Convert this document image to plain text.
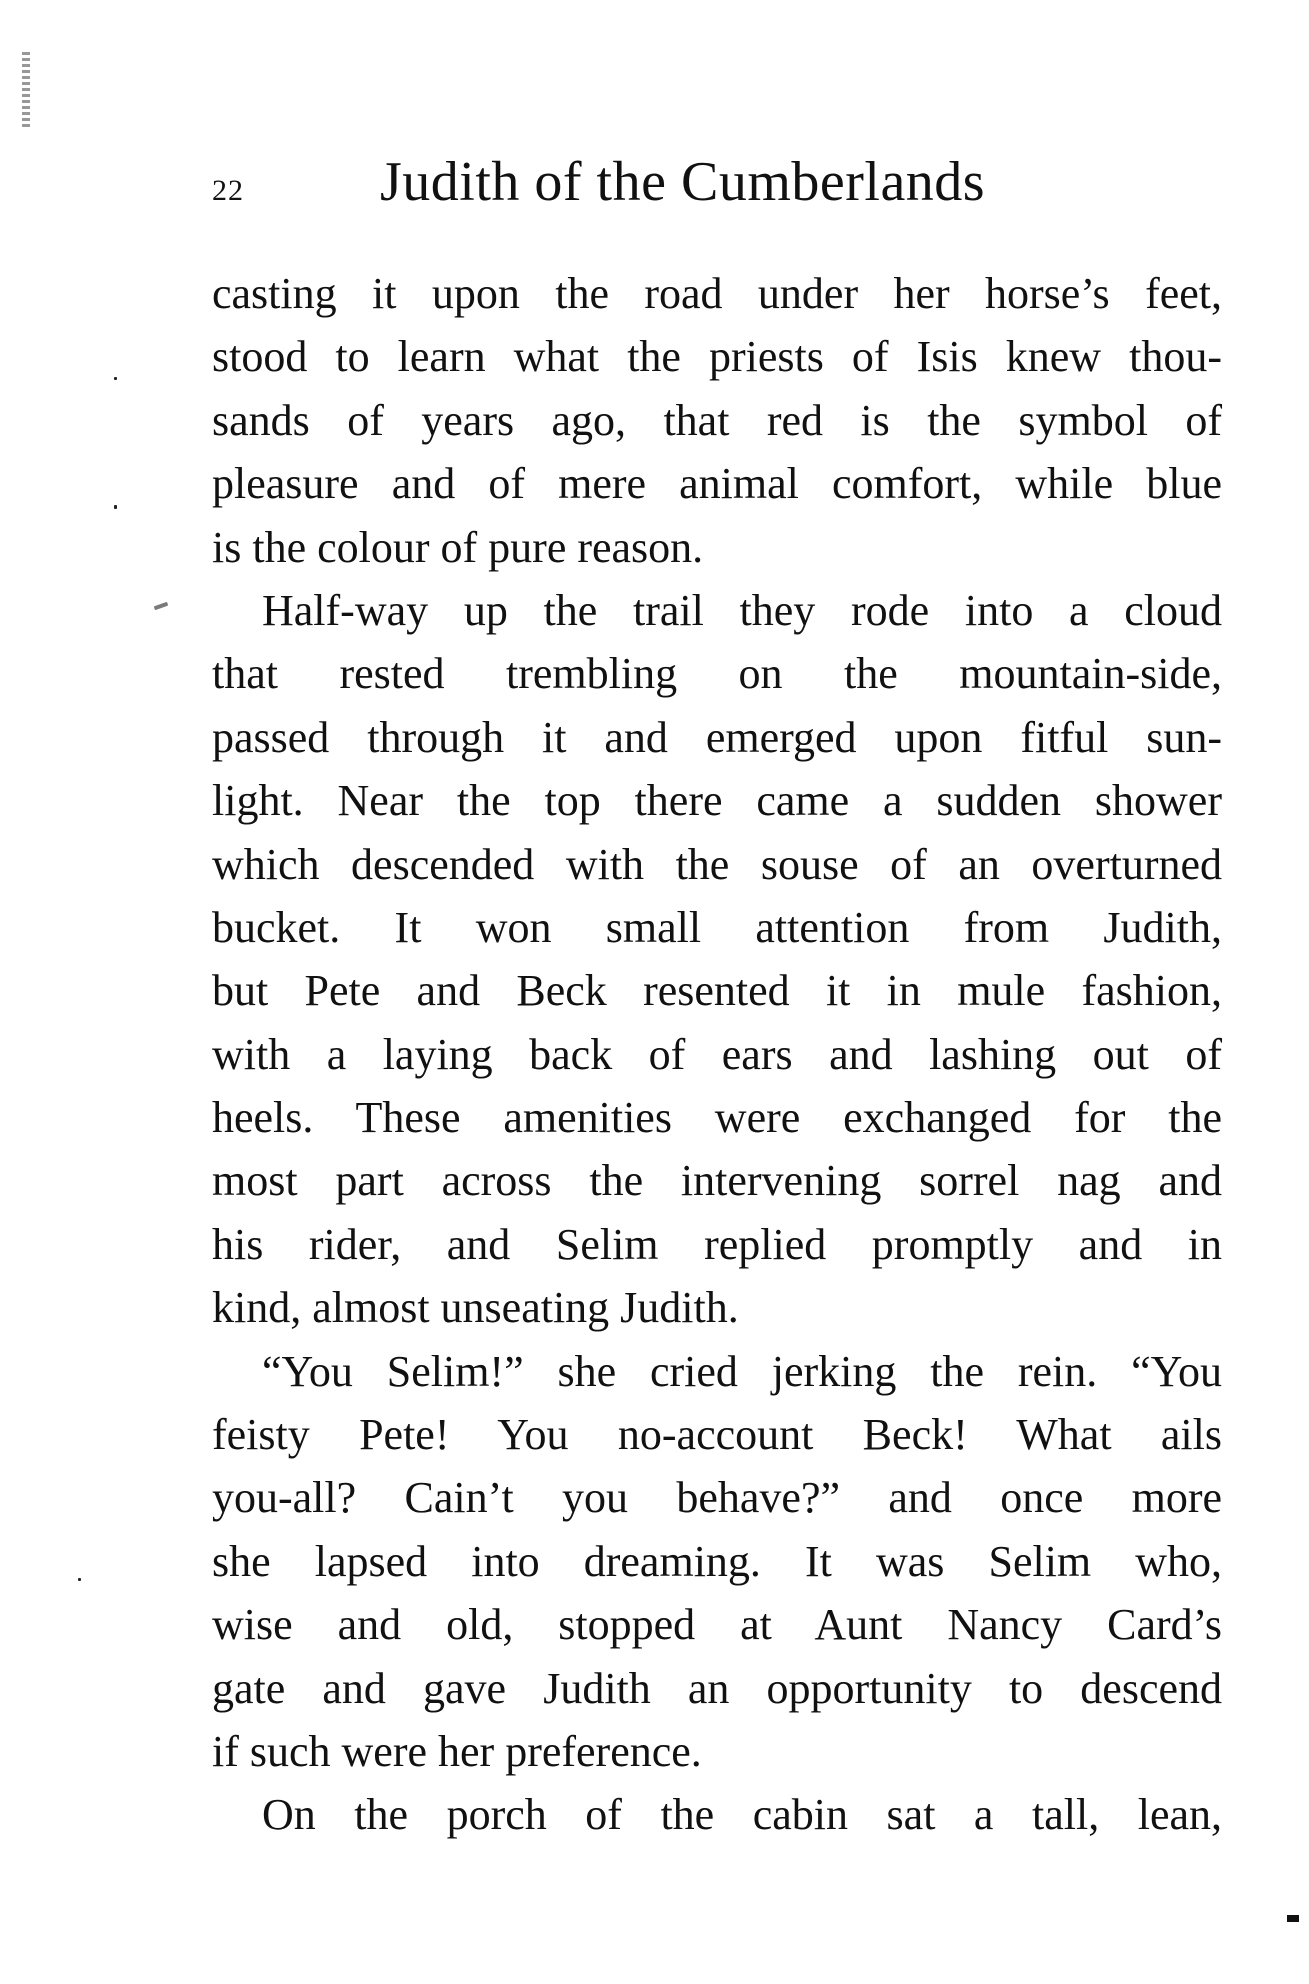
22 Judith of the Cumberlands
casting it upon the road under her horse’s feet,
stood to learn what the priests of Isis knew thou-
sands of years ago, that red is the symbol of
pleasure and of mere animal comfort, while blue
is the colour of pure reason.
Half-way up the trail they rode into a cloud
that rested trembling on the mountain-side,
passed through it and emerged upon fitful sun-
light. Near the top there came a sudden shower
which descended with the souse of an overturned
bucket. It won small attention from Judith,
but Pete and Beck resented it in mule fashion,
with a laying back of ears and lashing out of
heels. These amenities were exchanged for the
most part across the intervening sorrel nag and
his rider, and Selim replied promptly and in
kind, almost unseating Judith.
“You Selim!” she cried jerking the rein. “You
feisty Pete! You no-account Beck! What ails
you-all? Cain’t you behave?” and once more
she lapsed into dreaming. It was Selim who,
wise and old, stopped at Aunt Nancy Card’s
gate and gave Judith an opportunity to descend
if such were her preference.
On the porch of the cabin sat a tall, lean,
